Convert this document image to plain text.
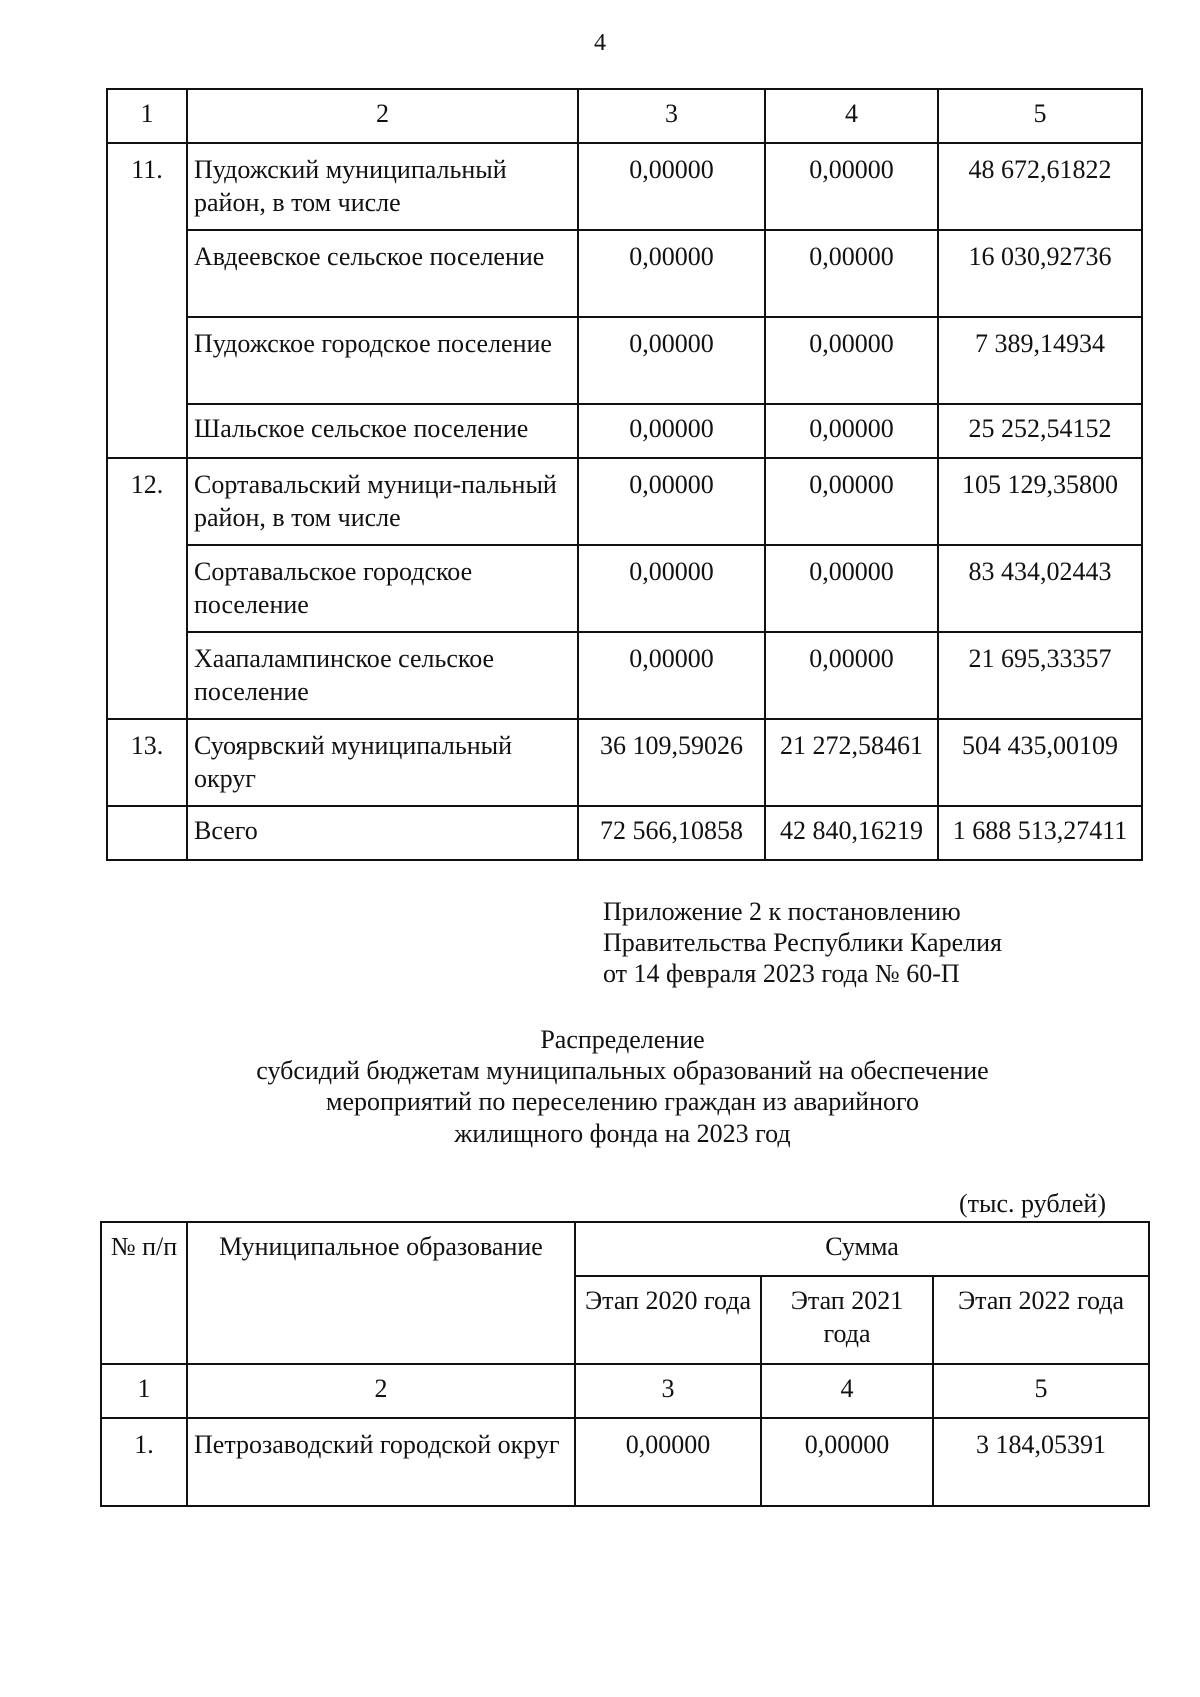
4
1	2	3	4	5
11.	Пудожский муниципальный район, в том числе	0,00000	0,00000	48 672,61822
	Авдеевское сельское поселение	0,00000	0,00000	16 030,92736
	Пудожское городское поселение	0,00000	0,00000	7 389,14934
	Шальское сельское поселение	0,00000	0,00000	25 252,54152
12.	Сортавальский муници-пальный район, в том числе	0,00000	0,00000	105 129,35800
	Сортавальское городское поселение	0,00000	0,00000	83 434,02443
	Хаапалампинское сельское поселение	0,00000	0,00000	21 695,33357
13.	Суоярвский муниципальный округ	36 109,59026	21 272,58461	504 435,00109
	Всего	72 566,10858	42 840,16219	1 688 513,27411
Приложение 2 к постановлению
Правительства Республики Карелия
от 14 февраля 2023 года № 60-П
Распределение
субсидий бюджетам муниципальных образований на обеспечение
мероприятий по переселению граждан из аварийного
жилищного фонда на 2023 год
(тыс. рублей)
№ п/п	Муниципальное образование	Сумма		
		Этап 2020 года	Этап 2021 года	Этап 2022 года
1	2	3	4	5
1.	Петрозаводский городской округ	0,00000	0,00000	3 184,05391
